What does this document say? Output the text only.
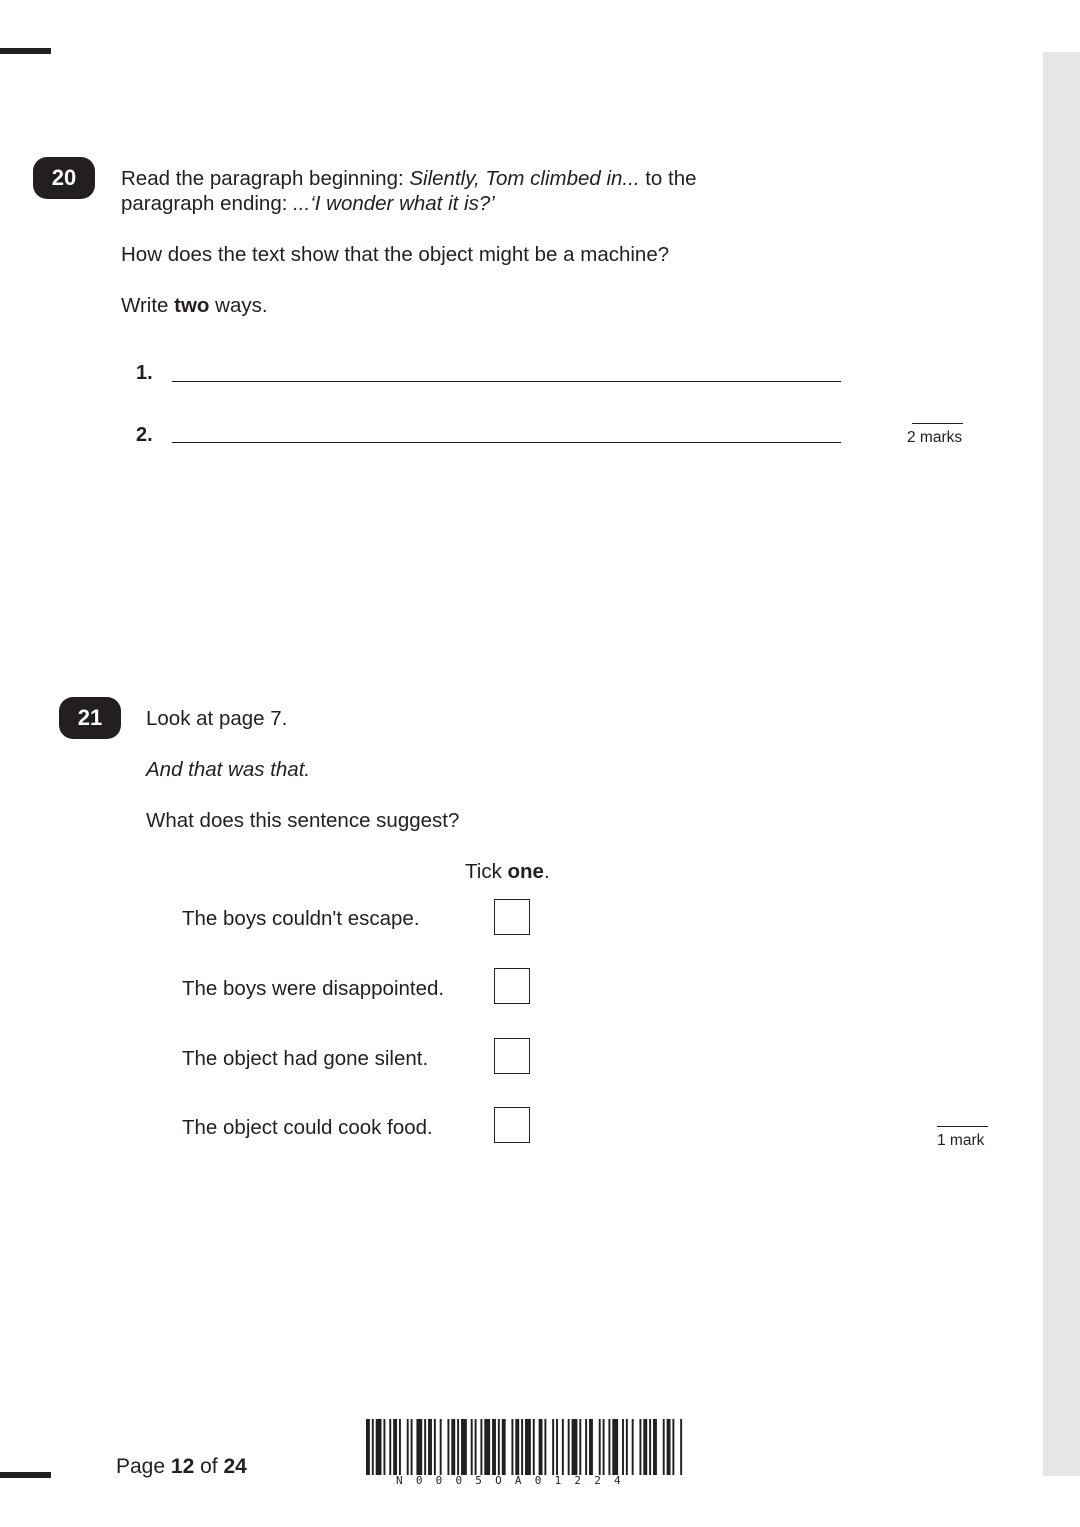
20	Read the paragraph beginning: Silently, Tom climbed in... to the
paragraph ending: ...‘I wonder what it is?’
How does the text show that the object might be a machine?
Write two ways.
1.
2.	2 marks
21	Look at page 7.
And that was that.
What does this sentence suggest?
Tick one.
The boys couldn't escape.
The boys were disappointed.
The object had gone silent.
The object could cook food.
1 mark
Page 12 of 24
N0005OA01224
